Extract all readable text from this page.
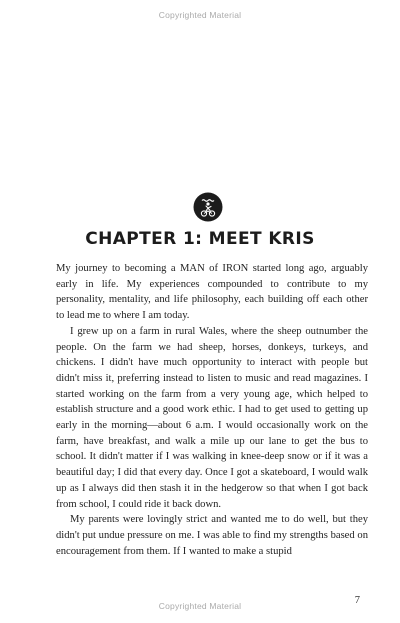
Copyrighted Material
CHAPTER 1: MEET KRIS

My journey to becoming a MAN of IRON started long ago, arguably early in life. My experiences compounded to contribute to my personality, mentality, and life philosophy, each building off each other to lead me to where I am today.

I grew up on a farm in rural Wales, where the sheep outnumber the people. On the farm we had sheep, horses, donkeys, turkeys, and chickens. I didn't have much opportunity to interact with people but didn't miss it, preferring instead to listen to music and read magazines. I started working on the farm from a very young age, which helped to establish structure and a good work ethic. I had to get used to getting up early in the morning—about 6 a.m. I would occasionally work on the farm, have breakfast, and walk a mile up our lane to get the bus to school. It didn't matter if I was walking in knee-deep snow or if it was a beautiful day; I did that every day. Once I got a skateboard, I would walk up as I always did then stash it in the hedgerow so that when I got back from school, I could ride it back down.

My parents were lovingly strict and wanted me to do well, but they didn't put undue pressure on me. I was able to find my strengths based on encouragement from them. If I wanted to make a stupid

Copyrighted Material	7
